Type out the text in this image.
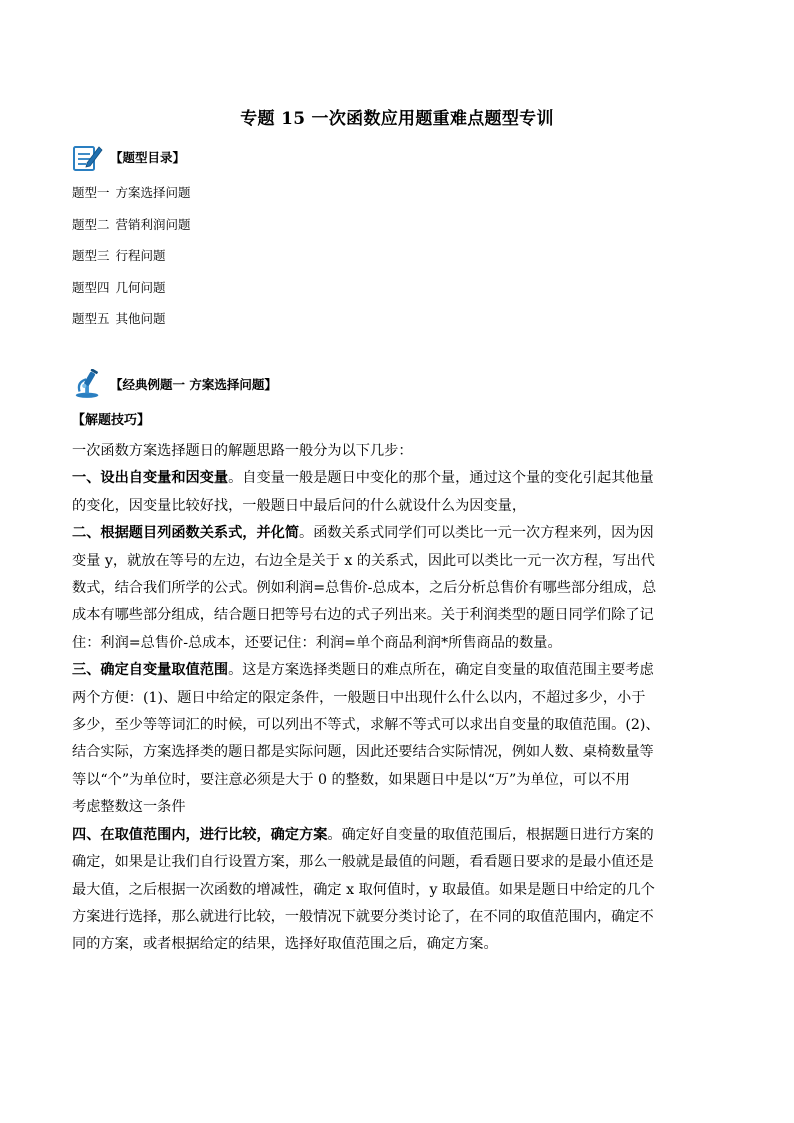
专题 15 一次函数应用题重难点题型专训
【题型目录】
题型一 方案选择问题
题型二 营销利润问题
题型三 行程问题
题型四 几何问题
题型五 其他问题
【经典例题一 方案选择问题】
【解题技巧】

一次函数方案选择题日的解题思路一般分为以下几步：

一、设出自变量和因变量。自变量一般是题日中变化的那个量，通过这个量的变化引起其他量

的变化，因变量比较好找，一般题日中最后问的什么就设什么为因变量，

二、根据题目列函数关系式，并化简。函数关系式同学们可以类比一元一次方程来列，因为因

变量 y，就放在等号的左边，右边全是关于 x 的关系式，因此可以类比一元一次方程，写出代

数式，结合我们所学的公式。例如利润=总售价-总成本，之后分析总售价有哪些部分组成，总

成本有哪些部分组成，结合题日把等号右边的式子列出来。关于利润类型的题日同学们除了记

住：利润=总售价-总成本，还要记住：利润=单个商品利润*所售商品的数量。

三、确定自变量取值范围。这是方案选择类题日的难点所在，确定自变量的取值范围主要考虑

两个方便：(1)、题日中给定的限定条件，一般题日中出现什么什么以内，不超过多少，小于

多少，至少等等词汇的时候，可以列出不等式，求解不等式可以求出自变量的取值范围。(2)、

结合实际，方案选择类的题日都是实际问题，因此还要结合实际情况，例如人数、桌椅数量等

等以“个”为单位时，要注意必须是大于 0 的整数，如果题日中是以“万”为单位，可以不用

考虑整数这一条件

四、在取值范围内，进行比较，确定方案。确定好自变量的取值范围后，根据题日进行方案的

确定，如果是让我们自行设置方案，那么一般就是最值的问题，看看题日要求的是最小值还是

最大值，之后根据一次函数的增减性，确定 x 取何值时，y 取最值。如果是题日中给定的几个

方案进行选择，那么就进行比较，一般情况下就要分类讨论了，在不同的取值范围内，确定不

同的方案，或者根据给定的结果，选择好取值范围之后，确定方案。
